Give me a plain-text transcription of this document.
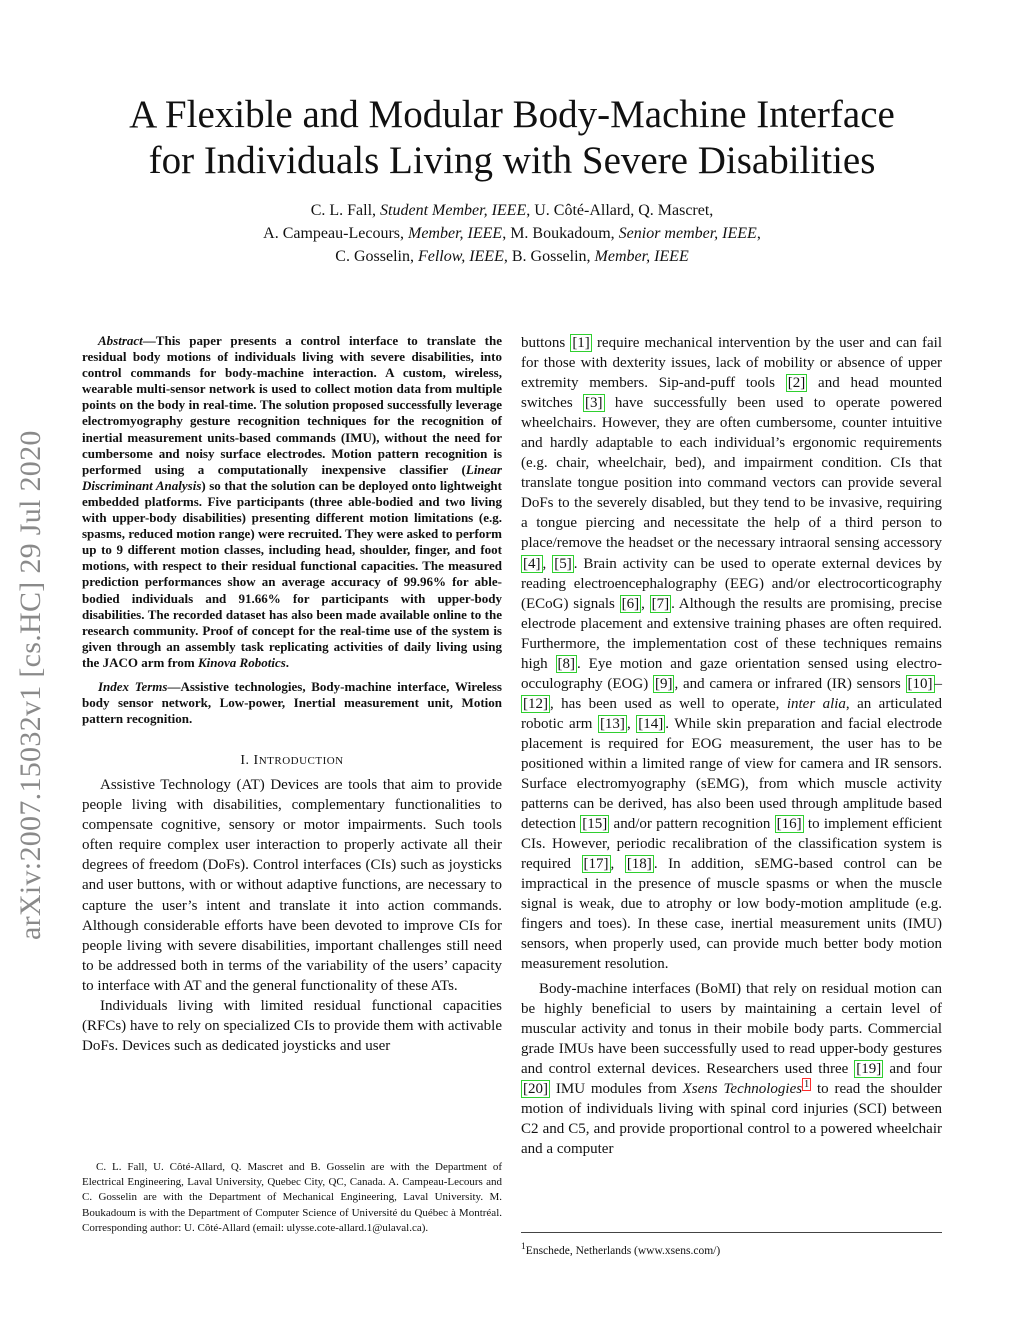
A Flexible and Modular Body-Machine Interface
for Individuals Living with Severe Disabilities
C. L. Fall, Student Member, IEEE, U. Côté-Allard, Q. Mascret,
A. Campeau-Lecours, Member, IEEE, M. Boukadoum, Senior member, IEEE,
C. Gosselin, Fellow, IEEE, B. Gosselin, Member, IEEE
arXiv:2007.15032v1 [cs.HC] 29 Jul 2020

Abstract—This paper presents a control interface to translate the residual body motions of individuals living with severe disabilities, into control commands for body-machine interaction. A custom, wireless, wearable multi-sensor network is used to collect motion data from multiple points on the body in real-time. The solution proposed successfully leverage electromyography gesture recognition techniques for the recognition of inertial measurement units-based commands (IMU), without the need for cumbersome and noisy surface electrodes. Motion pattern recognition is performed using a computationally inexpensive classifier (Linear Discriminant Analysis) so that the solution can be deployed onto lightweight embedded platforms. Five participants (three able-bodied and two living with upper-body disabilities) presenting different motion limitations (e.g. spasms, reduced motion range) were recruited. They were asked to perform up to 9 different motion classes, including head, shoulder, finger, and foot motions, with respect to their residual functional capacities. The measured prediction performances show an average accuracy of 99.96% for able-bodied individuals and 91.66% for participants with upper-body disabilities. The recorded dataset has also been made available online to the research community. Proof of concept for the real-time use of the system is given through an assembly task replicating activities of daily living using the JACO arm from Kinova Robotics.

Index Terms—Assistive technologies, Body-machine interface, Wireless body sensor network, Low-power, Inertial measurement unit, Motion pattern recognition.

I. INTRODUCTION

Assistive Technology (AT) Devices are tools that aim to provide people living with disabilities, complementary functionalities to compensate cognitive, sensory or motor impairments. Such tools often require complex user interaction to properly activate all their degrees of freedom (DoFs). Control interfaces (CIs) such as joysticks and user buttons, with or without adaptive functions, are necessary to capture the user’s intent and translate it into action commands. Although considerable efforts have been devoted to improve CIs for people living with severe disabilities, important challenges still need to be addressed both in terms of the variability of the users’ capacity to interface with AT and the general functionality of these ATs.

Individuals living with limited residual functional capacities (RFCs) have to rely on specialized CIs to provide them with activable DoFs. Devices such as dedicated joysticks and user

C. L. Fall, U. Côté-Allard, Q. Mascret and B. Gosselin are with the Department of Electrical Engineering, Laval University, Quebec City, QC, Canada. A. Campeau-Lecours and C. Gosselin are with the Department of Mechanical Engineering, Laval University. M. Boukadoum is with the Department of Computer Science of Université du Québec à Montréal. Corresponding author: U. Côté-Allard (email: ulysse.cote-allard.1@ulaval.ca).

buttons [1] require mechanical intervention by the user and can fail for those with dexterity issues, lack of mobility or absence of upper extremity members. Sip-and-puff tools [2] and head mounted switches [3] have successfully been used to operate powered wheelchairs. However, they are often cumbersome, counter intuitive and hardly adaptable to each individual’s ergonomic requirements (e.g. chair, wheelchair, bed), and impairment condition. CIs that translate tongue position into command vectors can provide several DoFs to the severely disabled, but they tend to be invasive, requiring a tongue piercing and necessitate the help of a third person to place/remove the headset or the necessary intraoral sensing accessory [4] , [5] . Brain activity can be used to operate external devices by reading electroencephalography (EEG) and/or electrocorticography (ECoG) signals [6] , [7] . Although the results are promising, precise electrode placement and extensive training phases are often required. Furthermore, the implementation cost of these techniques remains high [8] . Eye motion and gaze orientation sensed using electro-occulography (EOG) [9] , and camera or infrared (IR) sensors [10] –[12] , has been used as well to operate, inter alia, an articulated robotic arm [13] , [14] . While skin preparation and facial electrode placement is required for EOG measurement, the user has to be positioned within a limited range of view for camera and IR sensors. Surface electromyography (sEMG), from which muscle activity patterns can be derived, has also been used through amplitude based detection [15] and/or pattern recognition [16] to implement efficient CIs. However, periodic recalibration of the classification system is required [17] , [18] . In addition, sEMG-based control can be impractical in the presence of muscle spasms or when the muscle signal is weak, due to atrophy or low body-motion amplitude (e.g. fingers and toes). In these case, inertial measurement units (IMU) sensors, when properly used, can provide much better body motion measurement resolution.

Body-machine interfaces (BoMI) that rely on residual motion can be highly beneficial to users by maintaining a certain level of muscular activity and tonus in their mobile body parts. Commercial grade IMUs have been successfully used to read upper-body gestures and control external devices. Researchers used three [19] and four [20] IMU modules from Xsens Technologies $^1$ to read the shoulder motion of individuals living with spinal cord injuries (SCI) between C2 and C5, and provide proportional control to a powered wheelchair and a computer

$^1$Enschede, Netherlands (www.xsens.com/)
